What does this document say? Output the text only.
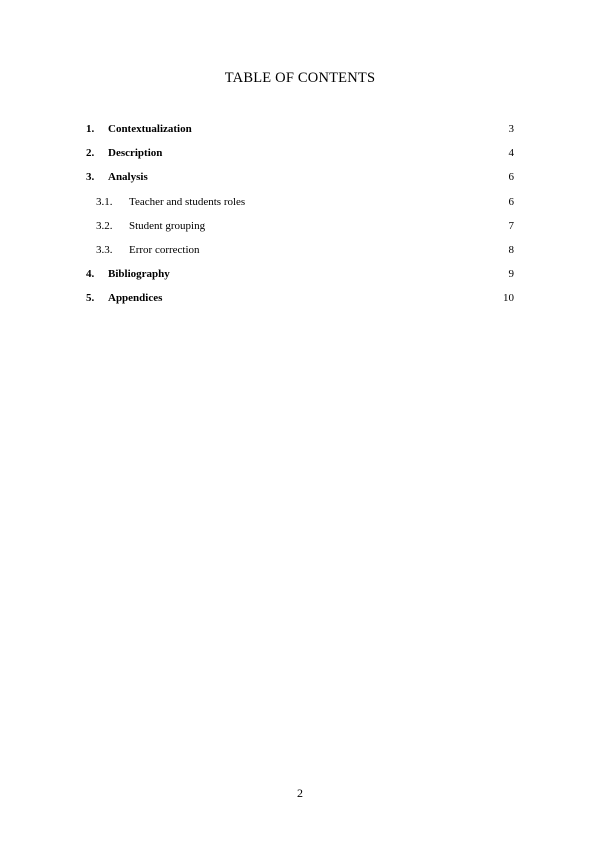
TABLE OF CONTENTS
1. Contextualization	3
2. Description	4
3. Analysis	6
3.1. Teacher and students roles	6
3.2. Student grouping	7
3.3. Error correction	8
4. Bibliography	9
5. Appendices	10
2
